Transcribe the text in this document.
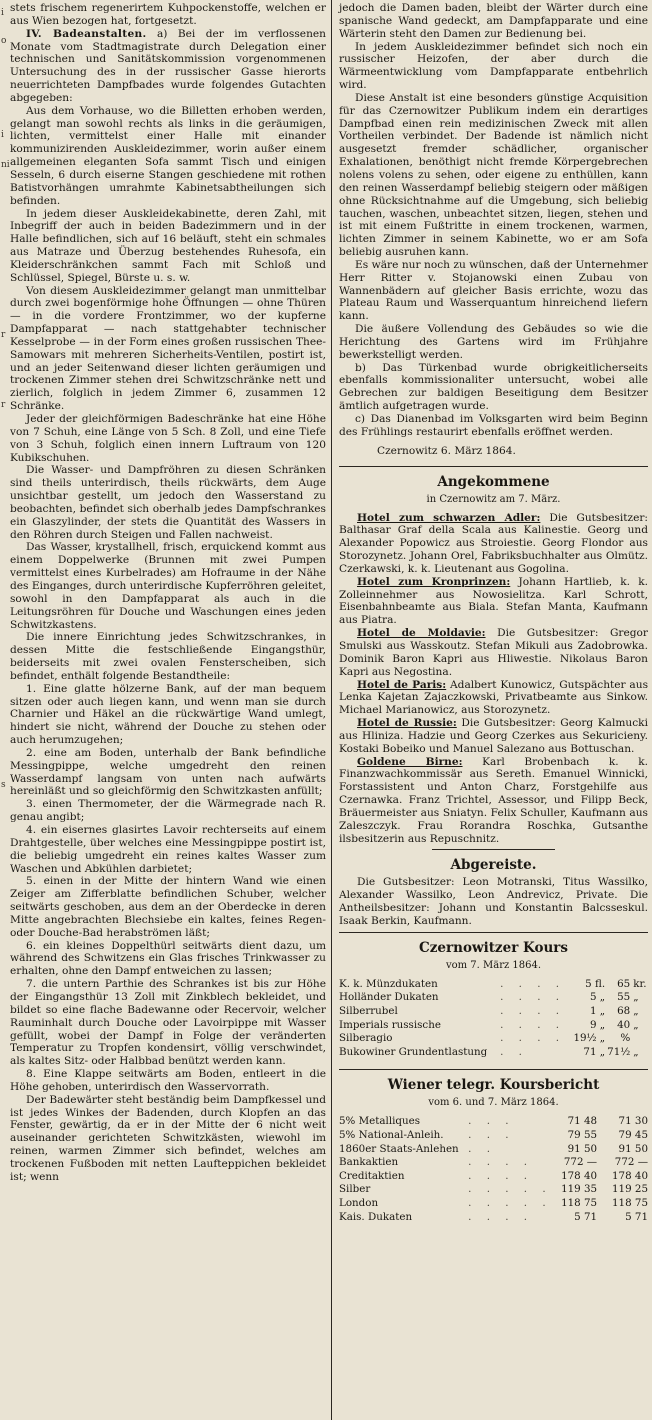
i
o
i
ni
r
r
s

stets frischem regenerirtem Kuhpockenstoffe, welchen er aus Wien bezogen hat, fortgesetzt.

IV. Badeanstalten. a) Bei der im verflossenen Monate vom Stadtmagistrate durch Delegation einer technischen und Sanitätskommission vorgenommenen Untersuchung des in der russischer Gasse hierorts neuerrichteten Dampfbades wurde folgendes Gutachten abgegeben:

Aus dem Vorhause, wo die Billetten erhoben werden, gelangt man sowohl rechts als links in die geräumigen, lichten, vermittelst einer Halle mit einander kommunizirenden Auskleidezimmer, worin außer einem allgemeinen eleganten Sofa sammt Tisch und einigen Sesseln, 6 durch eiserne Stangen geschiedene mit rothen Batistvorhängen umrahmte Kabinetsabtheilungen sich befinden.

In jedem dieser Auskleidekabinette, deren Zahl, mit Inbegriff der auch in beiden Badezimmern und in der Halle befindlichen, sich auf 16 beläuft, steht ein schmales aus Matraze und Überzug bestehendes Ruhesofa, ein Kleiderschränkchen sammt Fach mit Schloß und Schlüssel, Spiegel, Bürste u. s. w.

Von diesem Auskleidezimmer gelangt man unmittelbar durch zwei bogenförmige hohe Öffnungen — ohne Thüren — in die vordere Frontzimmer, wo der kupferne Dampfapparat — nach stattgehabter technischer Kesselprobe — in der Form eines großen russischen Thee-Samowars mit mehreren Sicherheits-Ventilen, postirt ist, und an jeder Seitenwand dieser lichten geräumigen und trockenen Zimmer stehen drei Schwitzschränke nett und zierlich, folglich in jedem Zimmer 6, zusammen 12 Schränke.

Jeder der gleichförmigen Badeschränke hat eine Höhe von 7 Schuh, eine Länge von 5 Sch. 8 Zoll, und eine Tiefe von 3 Schuh, folglich einen innern Luftraum von 120 Kubikschuhen.

Die Wasser- und Dampfröhren zu diesen Schränken sind theils unterirdisch, theils rückwärts, dem Auge unsichtbar gestellt, um jedoch den Wasserstand zu beobachten, befindet sich oberhalb jedes Dampfschrankes ein Glaszylinder, der stets die Quantität des Wassers in den Röhren durch Steigen und Fallen nachweist.

Das Wasser, krystallhell, frisch, erquickend kommt aus einem Doppelwerke (Brunnen mit zwei Pumpen vermittelst eines Kurbelrades) am Hofraume in der Nähe des Einganges, durch unterirdische Kupferröhren geleitet, sowohl in den Dampfapparat als auch in die Leitungsröhren für Douche und Waschungen eines jeden Schwitzkastens.

Die innere Einrichtung jedes Schwitzschrankes, in dessen Mitte die festschließende Eingangsthür, beiderseits mit zwei ovalen Fensterscheiben, sich befindet, enthält folgende Bestandtheile:

1. Eine glatte hölzerne Bank, auf der man bequem sitzen oder auch liegen kann, und wenn man sie durch Charnier und Häkel an die rückwärtige Wand umlegt, hindert sie nicht, während der Douche zu stehen oder auch herumzugehen;

2. eine am Boden, unterhalb der Bank befindliche Messingpippe, welche umgedreht den reinen Wasserdampf langsam von unten nach aufwärts hereinläßt und so gleichförmig den Schwitzkasten anfüllt;

3. einen Thermometer, der die Wärmegrade nach R. genau angibt;

4. ein eisernes glasirtes Lavoir rechterseits auf einem Drahtgestelle, über welches eine Messingpippe postirt ist, die beliebig umgedreht ein reines kaltes Wasser zum Waschen und Abkühlen darbietet;

5. einen in der Mitte der hintern Wand wie einen Zeiger am Zifferblatte befindlichen Schuber, welcher seitwärts geschoben, aus dem an der Oberdecke in deren Mitte angebrachten Blechsiebe ein kaltes, feines Regen- oder Douche-Bad herabströmen läßt;

6. ein kleines Doppelthürl seitwärts dient dazu, um während des Schwitzens ein Glas frisches Trinkwasser zu erhalten, ohne den Dampf entweichen zu lassen;

7. die untern Parthie des Schrankes ist bis zur Höhe der Eingangsthür 13 Zoll mit Zinkblech bekleidet, und bildet so eine flache Badewanne oder Recervoir, welcher Rauminhalt durch Douche oder Lavoirpippe mit Wasser gefüllt, wobei der Dampf in Folge der veränderten Temperatur zu Tropfen kondensirt, völlig verschwindet, als kaltes Sitz- oder Halbbad benützt werden kann.

8. Eine Klappe seitwärts am Boden, entleert in die Höhe gehoben, unterirdisch den Wasservorrath.

Der Badewärter steht beständig beim Dampfkessel und ist jedes Winkes der Badenden, durch Klopfen an das Fenster, gewärtig, da er in der Mitte der 6 nicht weit auseinander gerichteten Schwitzkästen, wiewohl im reinen, warmen Zimmer sich befindet, welches am trockenen Fußboden mit netten Laufteppichen bekleidet ist; wenn

jedoch die Damen baden, bleibt der Wärter durch eine spanische Wand gedeckt, am Dampfapparate und eine Wärterin steht den Damen zur Bedienung bei.

In jedem Auskleidezimmer befindet sich noch ein russischer Heizofen, der aber durch die Wärmeentwicklung vom Dampfapparate entbehrlich wird.

Diese Anstalt ist eine besonders günstige Acquisition für das Czernowitzer Publikum indem ein derartiges Dampfbad einen rein medizinischen Zweck mit allen Vortheilen verbindet. Der Badende ist nämlich nicht ausgesetzt fremder schädlicher, organischer Exhalationen, benöthigt nicht fremde Körpergebrechen nolens volens zu sehen, oder eigene zu enthüllen, kann den reinen Wasserdampf beliebig steigern oder mäßigen ohne Rücksichtnahme auf die Umgebung, sich beliebig tauchen, waschen, unbeachtet sitzen, liegen, stehen und ist mit einem Fußtritte in einem trockenen, warmen, lichten Zimmer in seinem Kabinette, wo er am Sofa beliebig ausruhen kann.

Es wäre nur noch zu wünschen, daß der Unternehmer Herr Ritter v. Stojanowski einen Zubau von Wannenbädern auf gleicher Basis errichte, wozu das Plateau Raum und Wasserquantum hinreichend liefern kann.

Die äußere Vollendung des Gebäudes so wie die Herichtung des Gartens wird im Frühjahre bewerkstelligt werden.

b) Das Türkenbad wurde obrigkeitlicherseits ebenfalls kommissionaliter untersucht, wobei alle Gebrechen zur baldigen Beseitigung dem Besitzer ämtlich aufgetragen wurde.

c) Das Dianenbad im Volksgarten wird beim Beginn des Frühlings restaurirt ebenfalls eröffnet werden.

Czernowitz 6. März 1864.

Angekommene
in Czernowitz am 7. März.

Hotel zum schwarzen Adler: Die Gutsbesitzer: Balthasar Graf della Scala aus Kalinestie. Georg und Alexander Popowicz aus Stroiestie. Georg Flondor aus Storozynetz. Johann Orel, Fabriksbuchhalter aus Olmütz. Czerkawski, k. k. Lieutenant aus Gogolina.

Hotel zum Kronprinzen: Johann Hartlieb, k. k. Zolleinnehmer aus Nowosielitza. Karl Schrott, Eisenbahnbeamte aus Biala. Stefan Manta, Kaufmann aus Piatra.

Hotel de Moldavie: Die Gutsbesitzer: Gregor Smulski aus Wasskoutz. Stefan Mikuli aus Zadobrowka. Dominik Baron Kapri aus Hliwestie. Nikolaus Baron Kapri aus Negostina.

Hotel de Paris: Adalbert Kunowicz, Gutspächter aus Lenka Kajetan Zajaczkowski, Privatbeamte aus Sinkow. Michael Marianowicz, aus Storozynetz.

Hotel de Russie: Die Gutsbesitzer: Georg Kalmucki aus Hliniza. Hadzie und Georg Czerkes aus Sekuricieny. Kostaki Bobeiko und Manuel Salezano aus Bottuschan.

Goldene Birne: Karl Brobenbach k. k. Finanzwachkommissär aus Sereth. Emanuel Winnicki, Forstassistent und Anton Charz, Forstgehilfe aus Czernawka. Franz Trichtel, Assessor, und Filipp Beck, Bräuermeister aus Sniatyn. Felix Schuller, Kaufmann aus Zaleszczyk. Frau Rorandra Roschka, Gutsanthe ilsbesitzerin aus Repuschnitz.

Abgereiste.

Die Gutsbesitzer: Leon Motranski, Titus Wassilko, Alexander Wassilko, Leon Andrevicz, Private. Die Antheilsbesitzer: Johann und Konstantin Balcsseskul. Isaak Berkin, Kaufmann.

Czernowitzer Kours
vom 7. März 1864.
K. k. Münzdukaten	. . . .	5 fl.	65	kr.
Holländer Dukaten	. . . .	5 „	55	„
Silberrubel	. . . .	1 „	68	„
Imperials russische	. . . .	9 „	40	„
Silberagio	. . . .	19½ „	%	
Bukowiner Grundentlastung	. .	71 „	71½	„
Wiener telegr. Koursbericht
vom 6. und 7. März 1864.
5% Metalliques	. . .	71 48		71 30
5% National-Anleih.	. . .	79 55		79 45
1860er Staats-Anlehen	. .	91 50		91 50
Bankaktien	. . . .	772 —		772 —
Creditaktien	. . . .	178 40		178 40
Silber	. . . . .	119 35		119 25
London	. . . . .	118 75		118 75
Kais. Dukaten	. . . .	5 71		5 71
